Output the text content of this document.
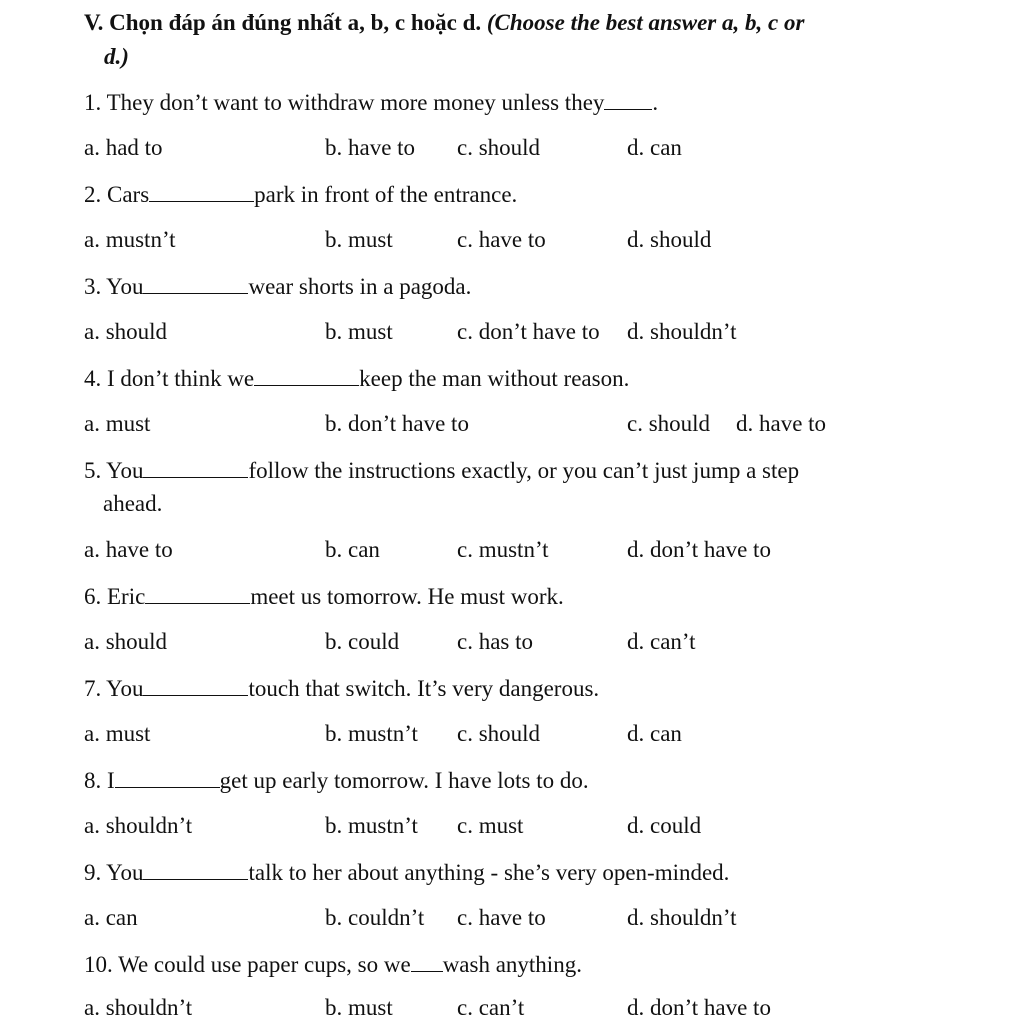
V. Chọn đáp án đúng nhất a, b, c hoặc d. (Choose the best answer a, b, c or
d.)

1. They don’t want to withdraw more money unless they .
a. had to	b. have to c. should	d. can
2. Cars	park in front of the entrance.
a. mustn’t	b. must	c. have to	d. should
3. You	wear shorts in a pagoda.
a. should	b. must	c. don’t have to d. shouldn’t
4. I don’t think we	keep the man without reason.
a. must	b. don’t have to	c. should d. have to
5. You	follow the instructions exactly, or you can’t just jump a step
ahead.
a. have to	b. can	c. mustn’t	d. don’t have to
6. Eric	meet us tomorrow. He must work.
a. should	b. could	c. has to	d. can’t
7. You	touch that switch. It’s very dangerous.
a. must	b. mustn’t c. should	d. can
8. I	get up early tomorrow. I have lots to do.
a. shouldn’t	b. mustn’t c. must	d. could
9. You	talk to her about anything - she’s very open-minded.
a. can	b. couldn’t c. have to	d. shouldn’t
10. We could use paper cups, so we wash anything.
a. shouldn’t	b. must	c. can’t	d. don’t have to
